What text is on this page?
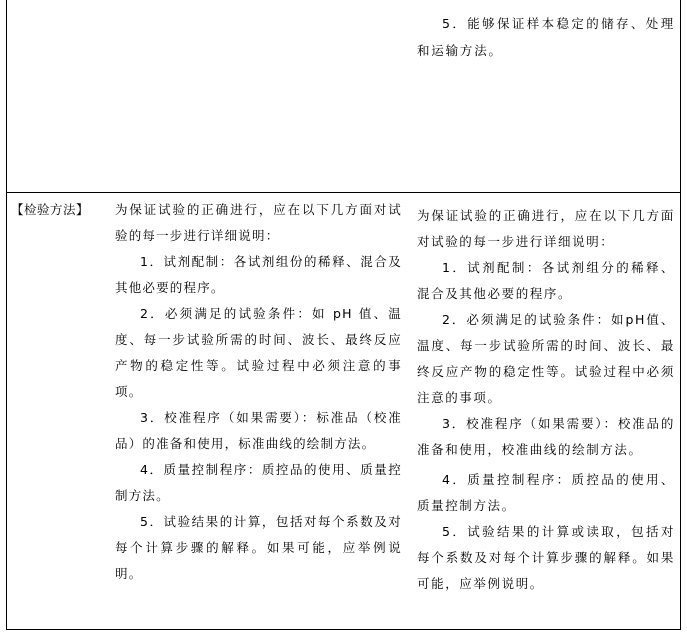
5．能够保证样本稳定的储存、处理和运输方法。

【检验方法】 为保证试验的正确进行，应在以下几方面对试验的每一步进行详细说明：

1．试剂配制：各试剂组份的稀释、混合及其他必要的程序。

2．必须满足的试验条件：如 pH 值、温度、每一步试验所需的时间、波长、最终反应产物的稳定性等。试验过程中必须注意的事项。

3．校准程序（如果需要）：标准品（校准品）的准备和使用，标准曲线的绘制方法。

4．质量控制程序：质控品的使用、质量控制方法。

5．试验结果的计算，包括对每个系数及对每个计算步骤的解释。如果可能，应举例说明。

为保证试验的正确进行，应在以下几方面对试验的每一步进行详细说明：

1．试剂配制：各试剂组分的稀释、混合及其他必要的程序。

2．必须满足的试验条件：如pH值、温度、每一步试验所需的时间、波长、最终反应产物的稳定性等。试验过程中必须注意的事项。

3．校准程序（如果需要）：校准品的准备和使用，校准曲线的绘制方法。

4．质量控制程序：质控品的使用、质量控制方法。

5．试验结果的计算或读取，包括对每个系数及对每个计算步骤的解释。如果可能，应举例说明。
